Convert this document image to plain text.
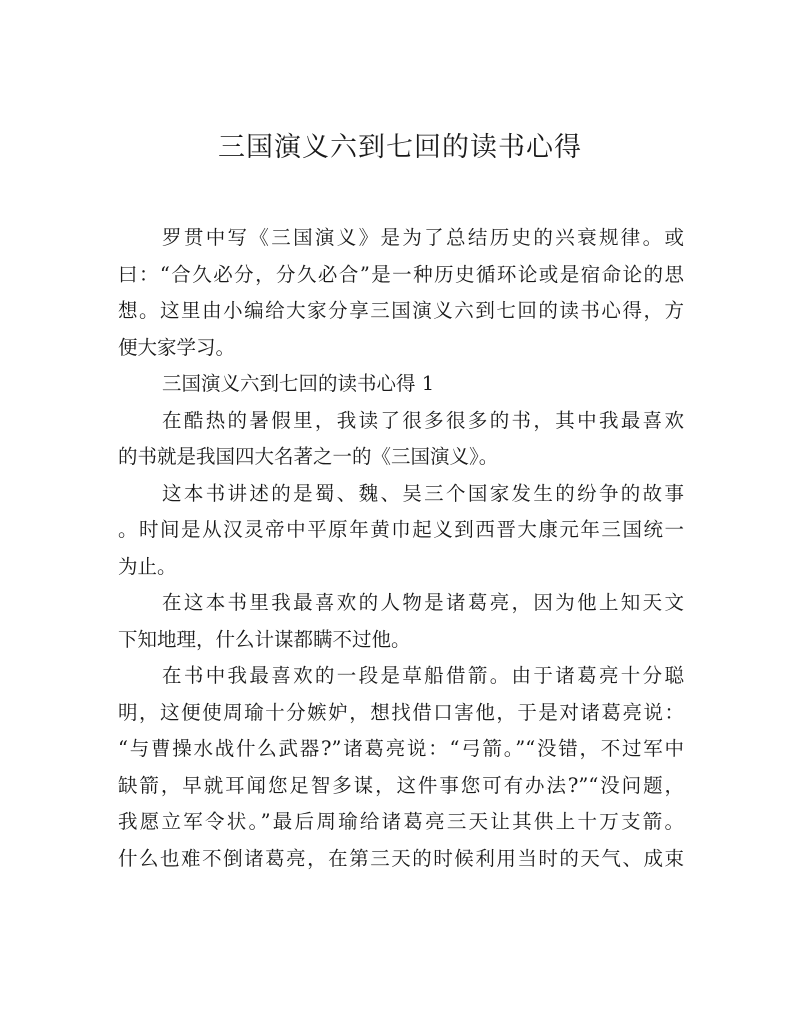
三国演义六到七回的读书心得

罗贯中写《三国演义》是为了总结历史的兴衰规律。或

曰：“合久必分，分久必合”是一种历史循环论或是宿命论的思

想。这里由小编给大家分享三国演义六到七回的读书心得，方

便大家学习。

三国演义六到七回的读书心得 1

在酷热的暑假里，我读了很多很多的书，其中我最喜欢

的书就是我国四大名著之一的《三国演义》。

这本书讲述的是蜀、魏、吴三个国家发生的纷争的故事

。时间是从汉灵帝中平原年黄巾起义到西晋大康元年三国统一

为止。

在这本书里我最喜欢的人物是诸葛亮，因为他上知天文

下知地理，什么计谋都瞒不过他。

在书中我最喜欢的一段是草船借箭。由于诸葛亮十分聪

明，这便使周瑜十分嫉妒，想找借口害他，于是对诸葛亮说：

“与曹操水战什么武器?”诸葛亮说：“弓箭。”“没错，不过军中

缺箭，早就耳闻您足智多谋，这件事您可有办法?”“没问题，

我愿立军令状。”最后周瑜给诸葛亮三天让其供上十万支箭。

什么也难不倒诸葛亮，在第三天的时候利用当时的天气、成束
